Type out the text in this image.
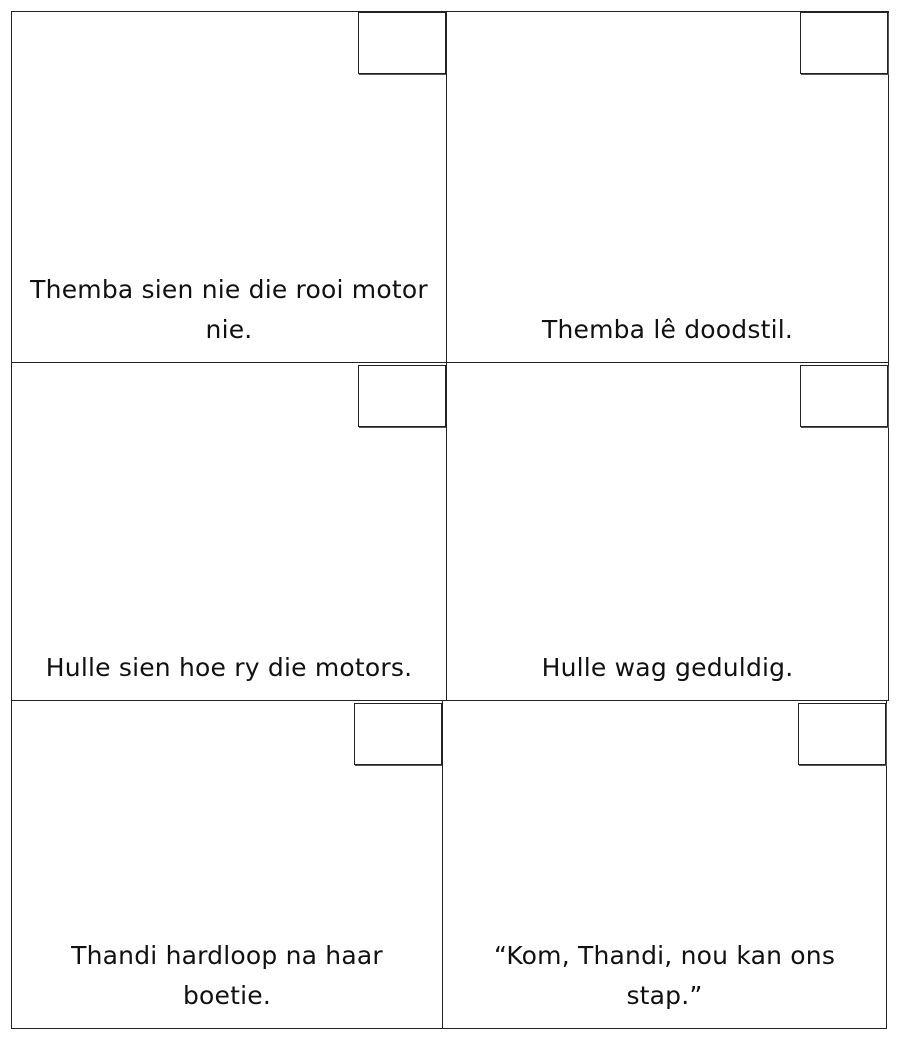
Themba sien nie die rooi motor nie.	Themba lê doodstil.
Hulle sien hoe ry die motors.	Hulle wag geduldig.
Thandi hardloop na haar boetie.
“Kom, Thandi, nou kan ons stap.”
